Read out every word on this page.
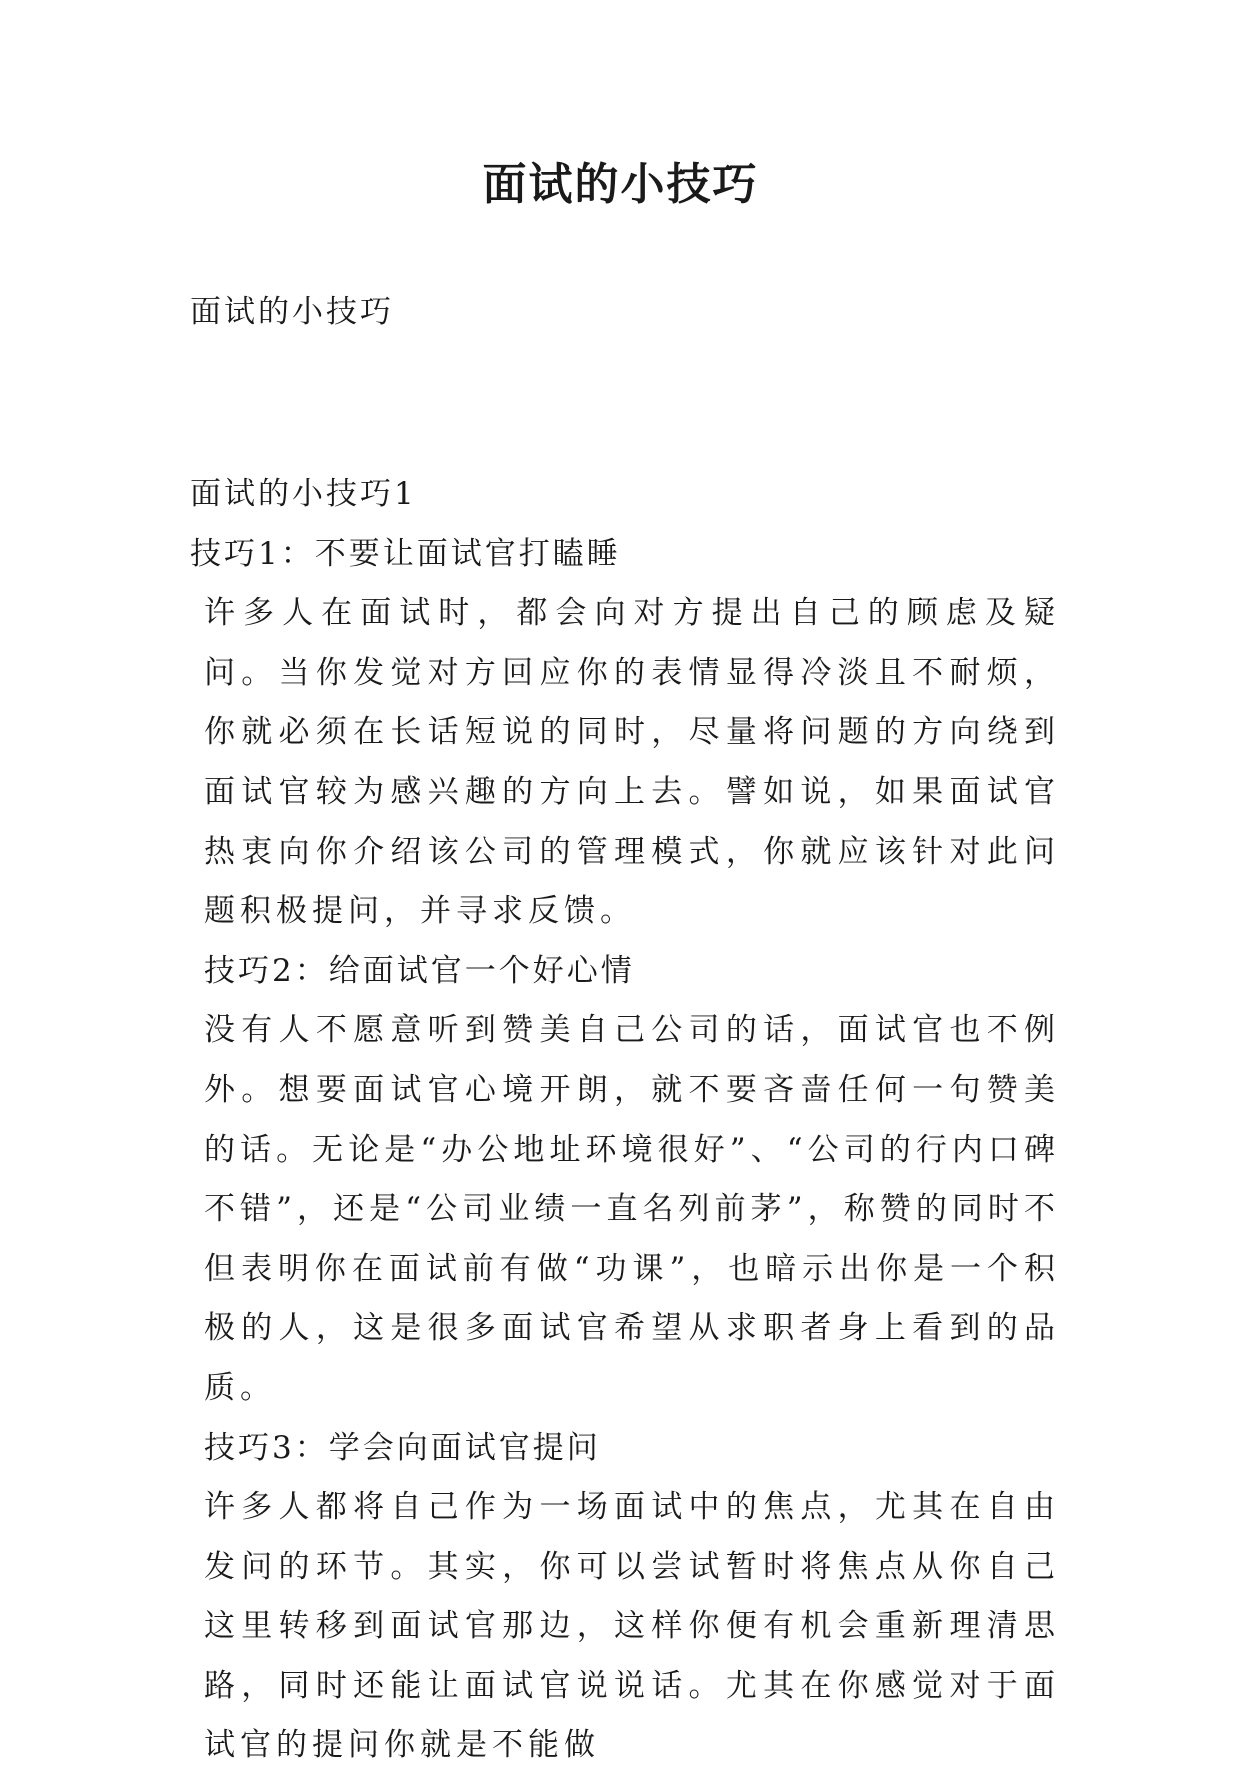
面试的小技巧
面试的小技巧

面试的小技巧1

技巧1：不要让面试官打瞌睡

许多人在面试时，都会向对方提出自己的顾虑及疑问。当你发觉对方回应你的表情显得冷淡且不耐烦，你就必须在长话短说的同时，尽量将问题的方向绕到面试官较为感兴趣的方向上去。譬如说，如果面试官热衷向你介绍该公司的管理模式，你就应该针对此问题积极提问，并寻求反馈。

技巧2：给面试官一个好心情

没有人不愿意听到赞美自己公司的话，面试官也不例外。想要面试官心境开朗，就不要吝啬任何一句赞美的话。无论是“办公地址环境很好”、“公司的行内口碑不错”，还是“公司业绩一直名列前茅”，称赞的同时不但表明你在面试前有做“功课”，也暗示出你是一个积极的人，这是很多面试官希望从求职者身上看到的品质。

技巧3：学会向面试官提问

许多人都将自己作为一场面试中的焦点，尤其在自由发问的环节。其实，你可以尝试暂时将焦点从你自己这里转移到面试官那边，这样你便有机会重新理清思路，同时还能让面试官说说话。尤其在你感觉对于面试官的提问你就是不能做
